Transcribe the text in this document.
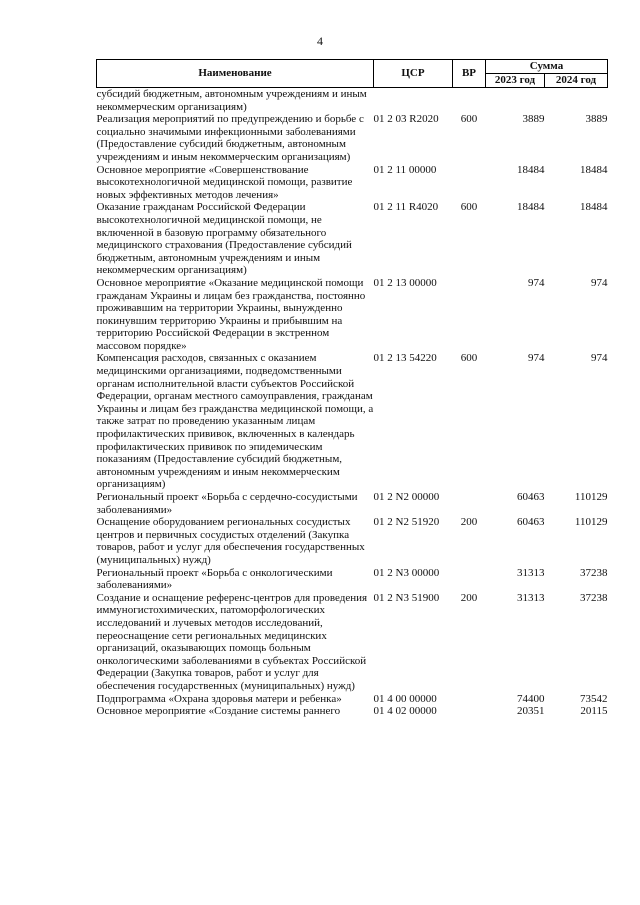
4
Наименование	ЦСР	ВР	Сумма	
			2023 год	2024 год
субсидий бюджетным, автономным учреждениям и иным некоммерческим организациям)				
Реализация мероприятий по предупреждению и борьбе с социально значимыми инфекционными заболеваниями (Предоставление субсидий бюджетным, автономным учреждениям и иным некоммерческим организациям)	01 2 03 R2020	600	3889	3889
Основное мероприятие «Совершенствование высокотехнологичной медицинской помощи, развитие новых эффективных методов лечения»	01 2 11 00000		18484	18484
Оказание гражданам Российской Федерации высокотехнологичной медицинской помощи, не включенной в базовую программу обязательного медицинского страхования (Предоставление субсидий бюджетным, автономным учреждениям и иным некоммерческим организациям)	01 2 11 R4020	600	18484	18484
Основное мероприятие «Оказание медицинской помощи гражданам Украины и лицам без гражданства, постоянно проживавшим на территории Украины, вынужденно покинувшим территорию Украины и прибывшим на территорию Российской Федерации в экстренном массовом порядке»	01 2 13 00000		974	974
Компенсация расходов, связанных с оказанием медицинскими организациями, подведомственными органам исполнительной власти субъектов Российской Федерации, органам местного самоуправления, гражданам Украины и лицам без гражданства медицинской помощи, а также затрат по проведению указанным лицам профилактических прививок, включенных в календарь профилактических прививок по эпидемическим показаниям (Предоставление субсидий бюджетным, автономным учреждениям и иным некоммерческим организациям)	01 2 13 54220	600	974	974
Региональный проект «Борьба с сердечно-сосудистыми заболеваниями»	01 2 N2 00000		60463	110129
Оснащение оборудованием региональных сосудистых центров и первичных сосудистых отделений (Закупка товаров, работ и услуг для обеспечения государственных (муниципальных) нужд)	01 2 N2 51920	200	60463	110129
Региональный проект «Борьба с онкологическими заболеваниями»	01 2 N3 00000		31313	37238
Создание и оснащение референс-центров для проведения иммуногистохимических, патоморфологических исследований и лучевых методов исследований, переоснащение сети региональных медицинских организаций, оказывающих помощь больным онкологическими заболеваниями в субъектах Российской Федерации (Закупка товаров, работ и услуг для обеспечения государственных (муниципальных) нужд)	01 2 N3 51900	200	31313	37238
Подпрограмма «Охрана здоровья матери и ребенка»	01 4 00 00000		74400	73542
Основное мероприятие «Создание системы раннего	01 4 02 00000		20351	20115
